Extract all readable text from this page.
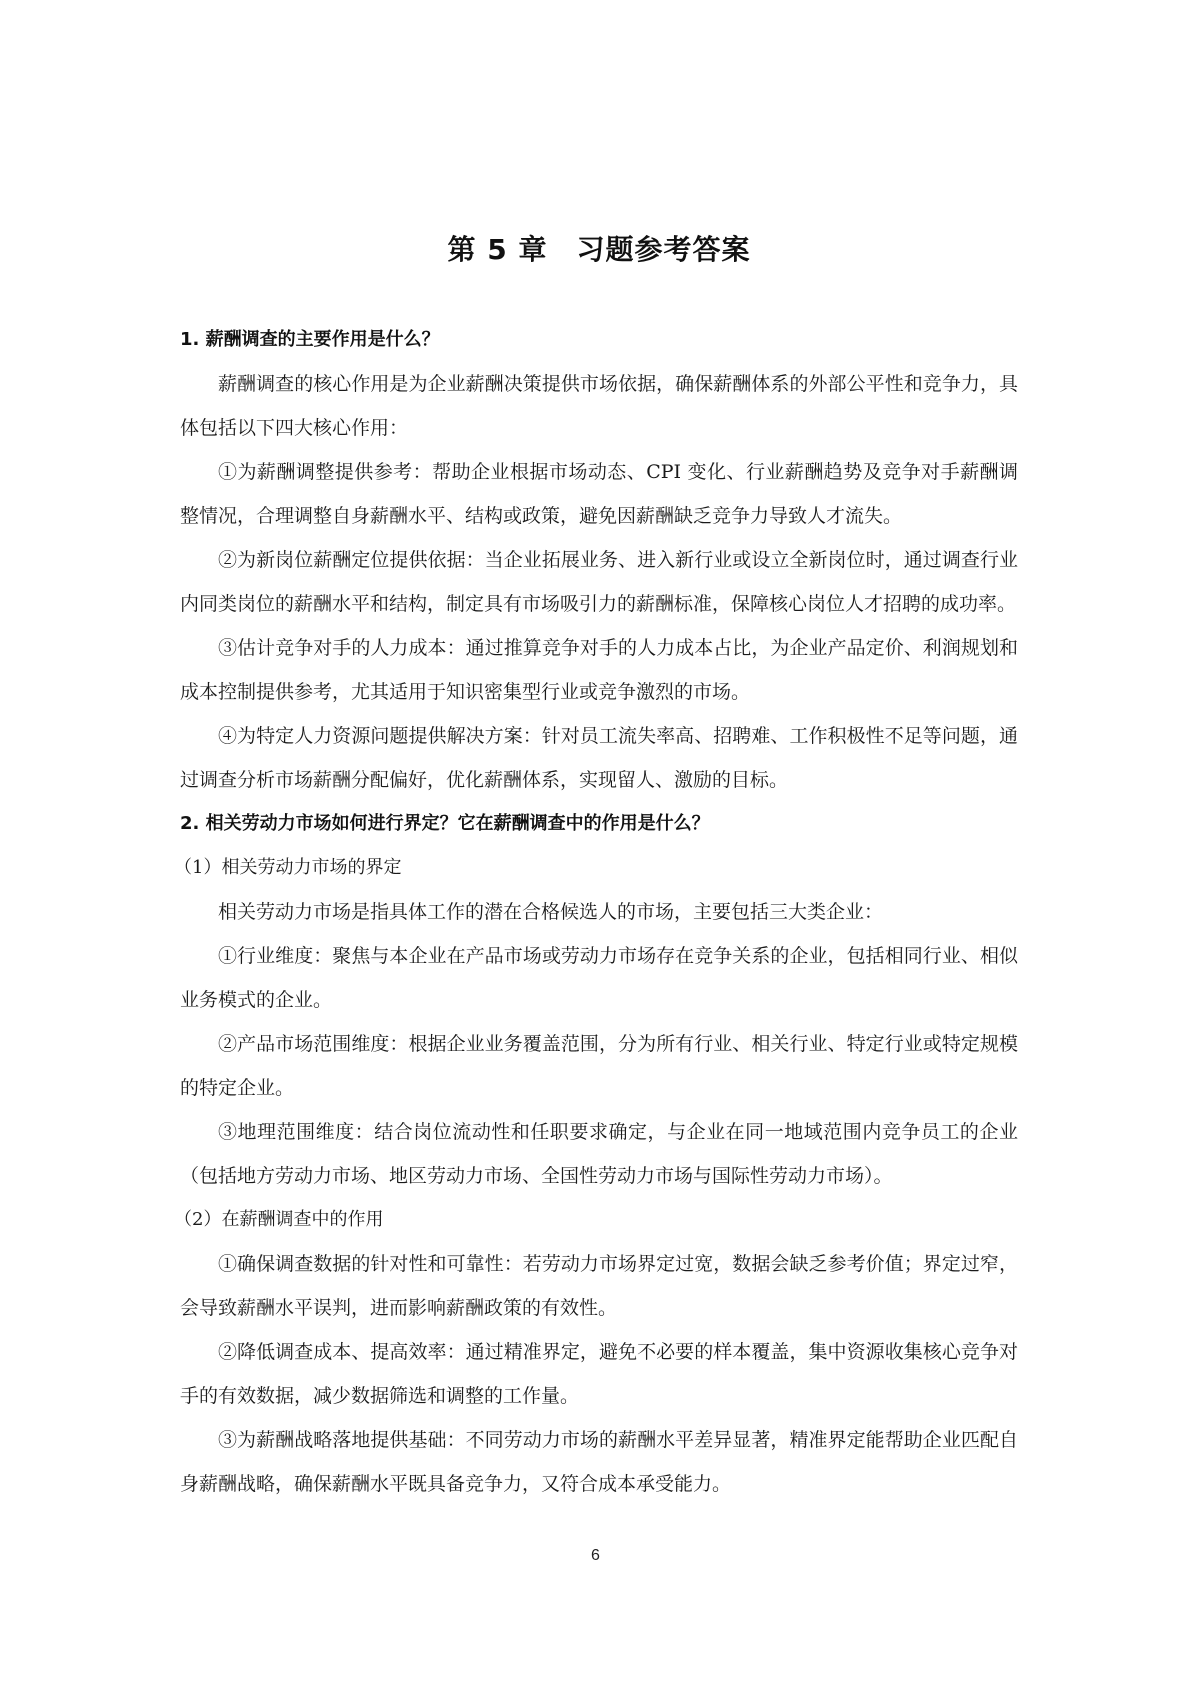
第 5 章　习题参考答案

1. 薪酬调查的主要作用是什么？

薪酬调查的核心作用是为企业薪酬决策提供市场依据，确保薪酬体系的外部公平性和竞争力，具体包括以下四大核心作用：

①为薪酬调整提供参考：帮助企业根据市场动态、CPI 变化、行业薪酬趋势及竞争对手薪酬调整情况，合理调整自身薪酬水平、结构或政策，避免因薪酬缺乏竞争力导致人才流失。

②为新岗位薪酬定位提供依据：当企业拓展业务、进入新行业或设立全新岗位时，通过调查行业内同类岗位的薪酬水平和结构，制定具有市场吸引力的薪酬标准，保障核心岗位人才招聘的成功率。

③估计竞争对手的人力成本：通过推算竞争对手的人力成本占比，为企业产品定价、利润规划和成本控制提供参考，尤其适用于知识密集型行业或竞争激烈的市场。

④为特定人力资源问题提供解决方案：针对员工流失率高、招聘难、工作积极性不足等问题，通过调查分析市场薪酬分配偏好，优化薪酬体系，实现留人、激励的目标。

2. 相关劳动力市场如何进行界定？它在薪酬调查中的作用是什么？

（1）相关劳动力市场的界定

相关劳动力市场是指具体工作的潜在合格候选人的市场，主要包括三大类企业：

①行业维度：聚焦与本企业在产品市场或劳动力市场存在竞争关系的企业，包括相同行业、相似业务模式的企业。

②产品市场范围维度：根据企业业务覆盖范围，分为所有行业、相关行业、特定行业或特定规模的特定企业。

③地理范围维度：结合岗位流动性和任职要求确定，与企业在同一地域范围内竞争员工的企业（包括地方劳动力市场、地区劳动力市场、全国性劳动力市场与国际性劳动力市场）。

（2）在薪酬调查中的作用

①确保调查数据的针对性和可靠性：若劳动力市场界定过宽，数据会缺乏参考价值；界定过窄，会导致薪酬水平误判，进而影响薪酬政策的有效性。

②降低调查成本、提高效率：通过精准界定，避免不必要的样本覆盖，集中资源收集核心竞争对手的有效数据，减少数据筛选和调整的工作量。

③为薪酬战略落地提供基础：不同劳动力市场的薪酬水平差异显著，精准界定能帮助企业匹配自身薪酬战略，确保薪酬水平既具备竞争力，又符合成本承受能力。

6
